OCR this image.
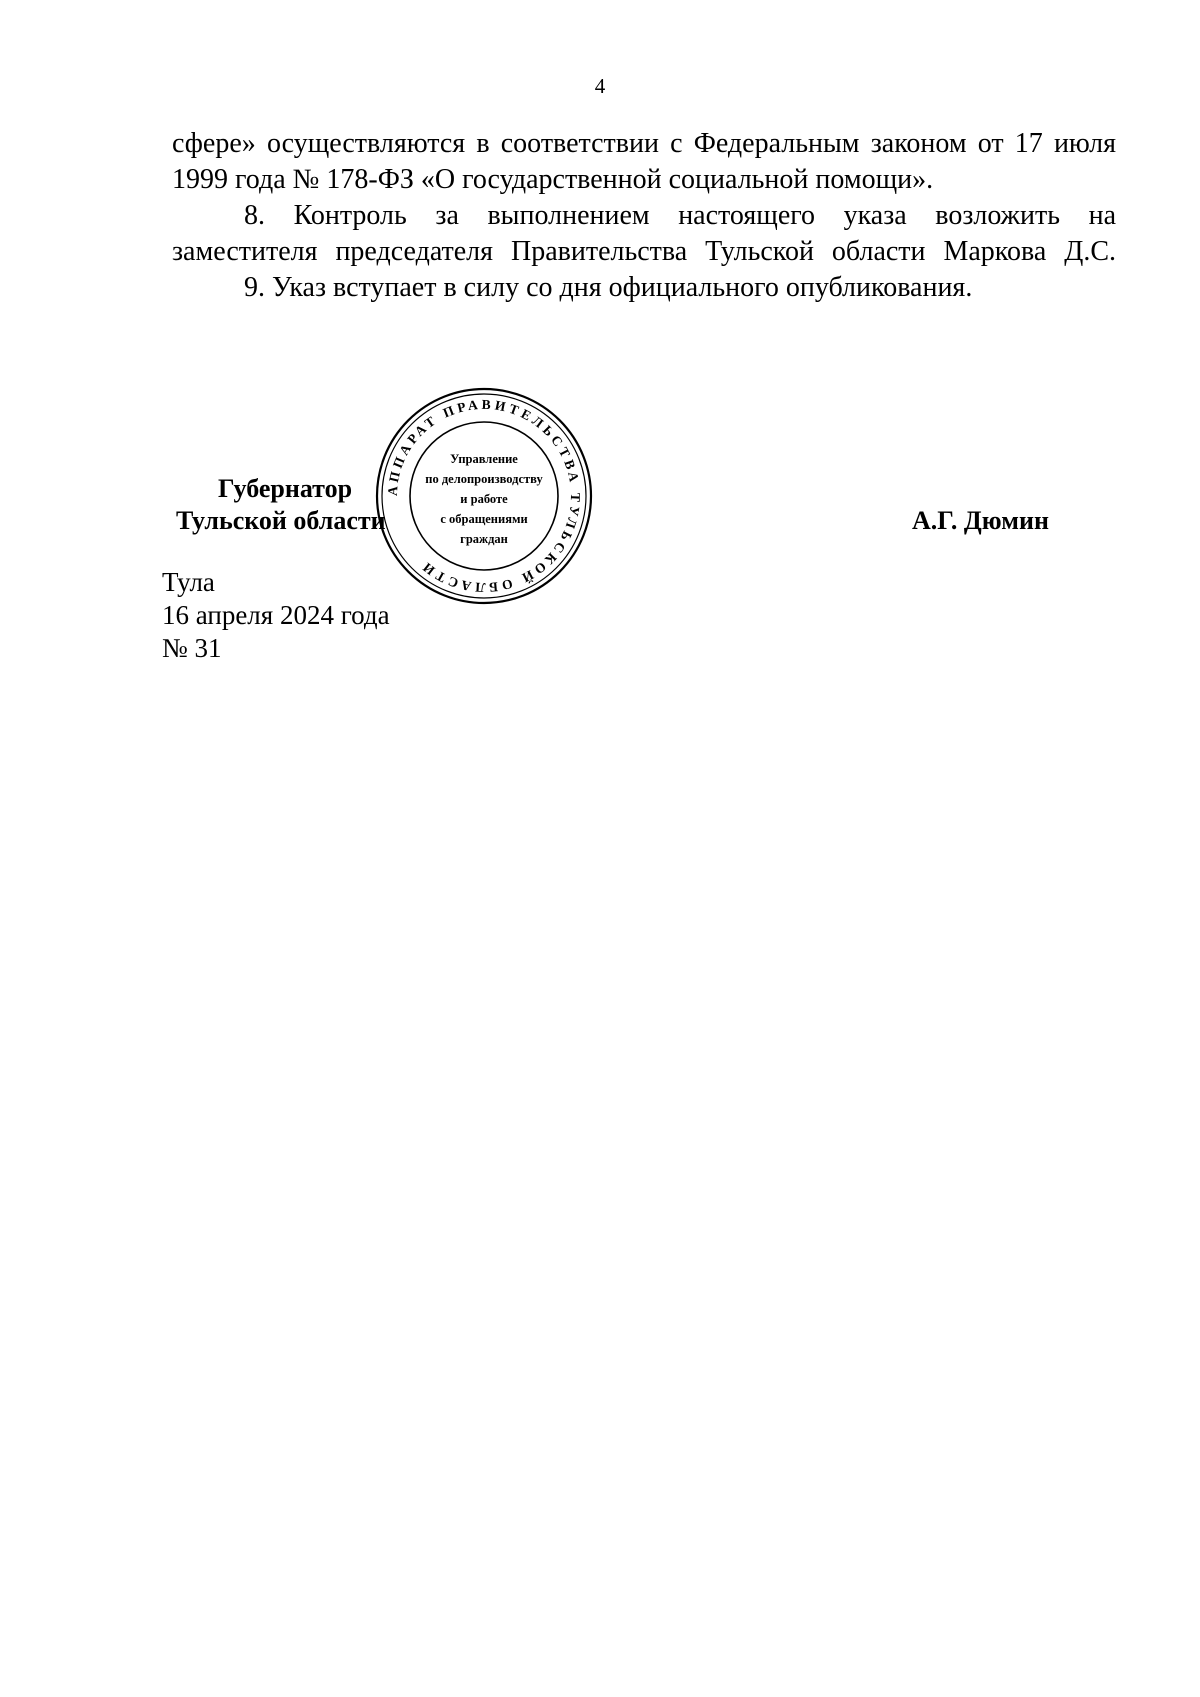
4

сфере» осуществляются в соответствии с Федеральным законом от 17 июля 1999 года № 178-ФЗ «О государственной социальной помощи».

8. Контроль за выполнением настоящего указа возложить на заместителя председателя Правительства Тульской области Маркова Д.С.

9. Указ вступает в силу со дня официального опубликования.

Губернатор
Тульской области
АППАРАТ ПРАВИТЕЛЬСТВА ТУЛЬСКОЙ ОБЛАСТИ
Управление
по делопроизводству
и работе
с обращениями
граждан
А.Г. Дюмин
Тула
16 апреля 2024 года
№ 31
